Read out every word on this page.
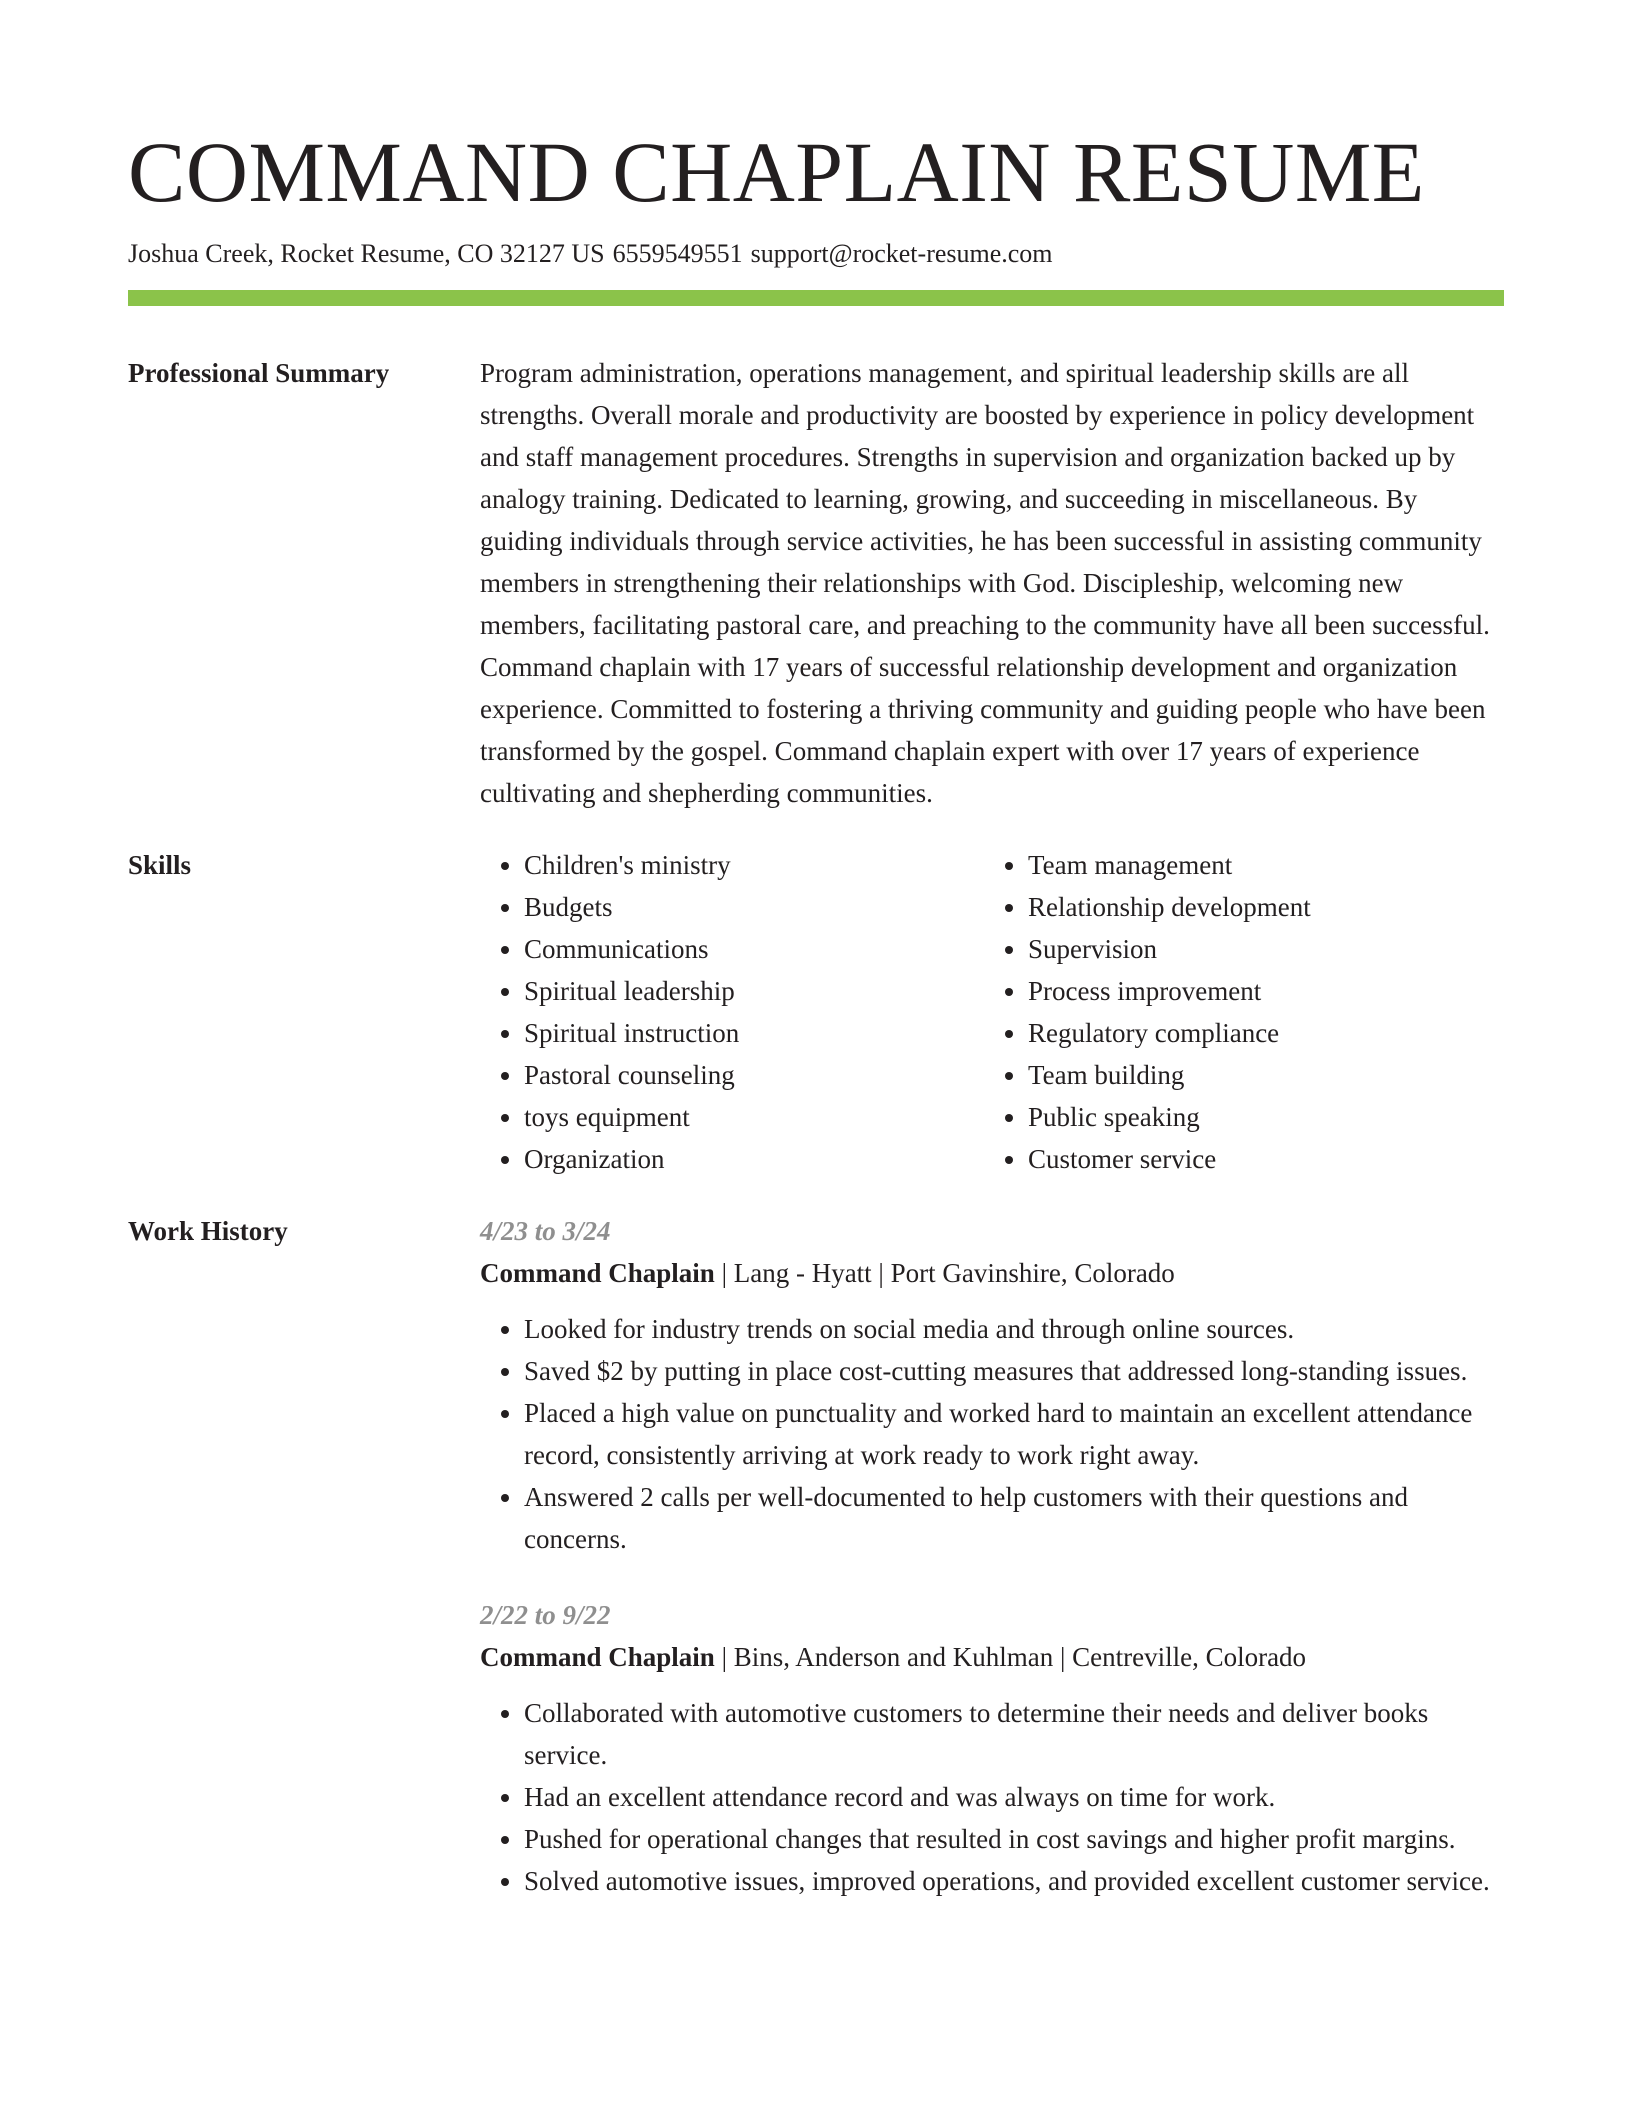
COMMAND CHAPLAIN RESUME
Joshua Creek, Rocket Resume, CO 32127 US 6559549551 support@rocket-resume.com
Professional Summary	Program administration, operations management, and spiritual leadership skills are all strengths. Overall morale and productivity are boosted by experience in policy development and staff management procedures. Strengths in supervision and organization backed up by analogy training. Dedicated to learning, growing, and succeeding in miscellaneous. By guiding individuals through service activities, he has been successful in assisting community members in strengthening their relationships with God. Discipleship, welcoming new members, facilitating pastoral care, and preaching to the community have all been successful. Command chaplain with 17 years of successful relationship development and organization experience. Committed to fostering a thriving community and guiding people who have been transformed by the gospel. Command chaplain expert with over 17 years of experience cultivating and shepherding communities.

Skills
•	Children's ministry
• Budgets
• Communications
• Spiritual leadership
• Spiritual instruction
• Pastoral counseling
• toys equipment
• Organization
• Team management
• Relationship development
• Supervision
• Process improvement
• Regulatory compliance
• Team building
• Public speaking
• Customer service
Work History	4/23 to 3/24
Command Chaplain | Lang - Hyatt | Port Gavinshire, Colorado
• Looked for industry trends on social media and through online sources.
• Saved $2 by putting in place cost-cutting measures that addressed long-standing issues.
• Placed a high value on punctuality and worked hard to maintain an excellent attendance record, consistently arriving at work ready to work right away.
• Answered 2 calls per well-documented to help customers with their questions and concerns.
2/22 to 9/22
Command Chaplain | Bins, Anderson and Kuhlman | Centreville, Colorado
• Collaborated with automotive customers to determine their needs and deliver books service.
• Had an excellent attendance record and was always on time for work.
• Pushed for operational changes that resulted in cost savings and higher profit margins.
• Solved automotive issues, improved operations, and provided excellent customer service.
